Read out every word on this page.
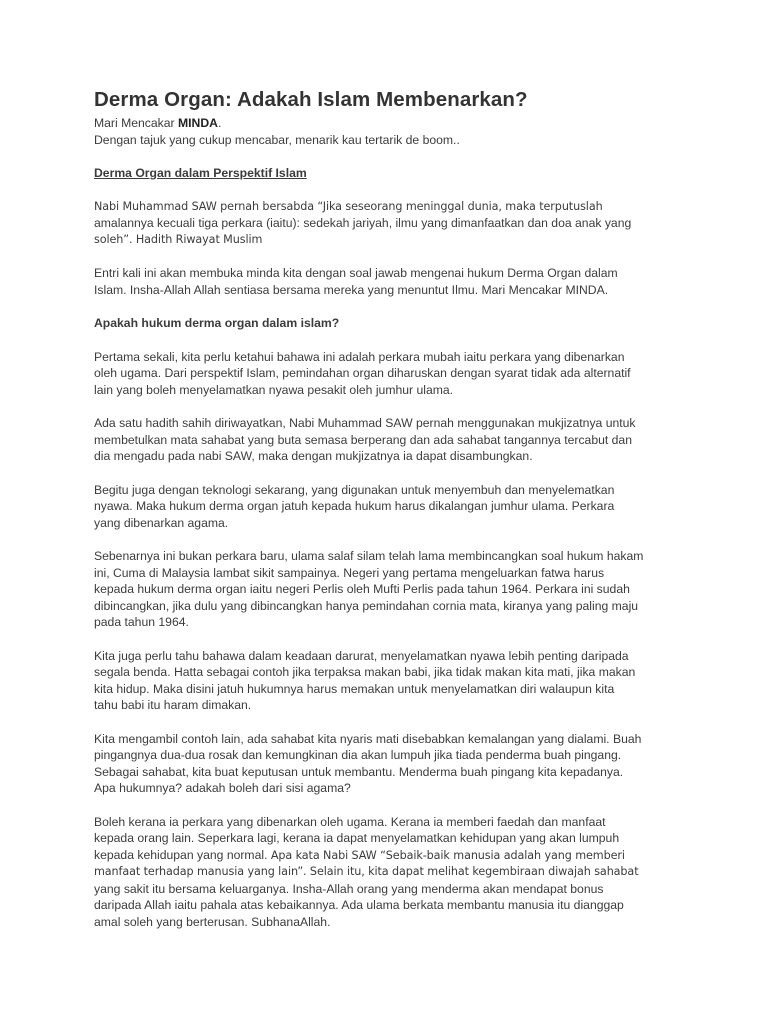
Derma Organ: Adakah Islam Membenarkan?

Mari Mencakar MINDA.

Dengan tajuk yang cukup mencabar, menarik kau tertarik de boom..

Derma Organ dalam Perspektif Islam

Nabi Muhammad SAW pernah bersabda “Jika seseorang meninggal dunia, maka terputuslah

amalannya kecuali tiga perkara (iaitu): sedekah jariyah, ilmu yang dimanfaatkan dan doa anak yang

soleh”. Hadith Riwayat Muslim

Entri kali ini akan membuka minda kita dengan soal jawab mengenai hukum Derma Organ dalam

Islam. Insha-Allah Allah sentiasa bersama mereka yang menuntut Ilmu. Mari Mencakar MINDA.

Apakah hukum derma organ dalam islam?

Pertama sekali, kita perlu ketahui bahawa ini adalah perkara mubah iaitu perkara yang dibenarkan

oleh ugama. Dari perspektif Islam, pemindahan organ diharuskan dengan syarat tidak ada alternatif

lain yang boleh menyelamatkan nyawa pesakit oleh jumhur ulama.

Ada satu hadith sahih diriwayatkan, Nabi Muhammad SAW pernah menggunakan mukjizatnya untuk

membetulkan mata sahabat yang buta semasa berperang dan ada sahabat tangannya tercabut dan

dia mengadu pada nabi SAW, maka dengan mukjizatnya ia dapat disambungkan.

Begitu juga dengan teknologi sekarang, yang digunakan untuk menyembuh dan menyelematkan

nyawa. Maka hukum derma organ jatuh kepada hukum harus dikalangan jumhur ulama. Perkara

yang dibenarkan agama.

Sebenarnya ini bukan perkara baru, ulama salaf silam telah lama membincangkan soal hukum hakam

ini, Cuma di Malaysia lambat sikit sampainya. Negeri yang pertama mengeluarkan fatwa harus

kepada hukum derma organ iaitu negeri Perlis oleh Mufti Perlis pada tahun 1964. Perkara ini sudah

dibincangkan, jika dulu yang dibincangkan hanya pemindahan cornia mata, kiranya yang paling maju

pada tahun 1964.

Kita juga perlu tahu bahawa dalam keadaan darurat, menyelamatkan nyawa lebih penting daripada

segala benda. Hatta sebagai contoh jika terpaksa makan babi, jika tidak makan kita mati, jika makan

kita hidup. Maka disini jatuh hukumnya harus memakan untuk menyelamatkan diri walaupun kita

tahu babi itu haram dimakan.

Kita mengambil contoh lain, ada sahabat kita nyaris mati disebabkan kemalangan yang dialami. Buah

pingangnya dua-dua rosak dan kemungkinan dia akan lumpuh jika tiada penderma buah pingang.

Sebagai sahabat, kita buat keputusan untuk membantu. Menderma buah pingang kita kepadanya.

Apa hukumnya? adakah boleh dari sisi agama?

Boleh kerana ia perkara yang dibenarkan oleh ugama. Kerana ia memberi faedah dan manfaat

kepada orang lain. Seperkara lagi, kerana ia dapat menyelamatkan kehidupan yang akan lumpuh

kepada kehidupan yang normal. Apa kata Nabi SAW “Sebaik-baik manusia adalah yang memberi

manfaat terhadap manusia yang lain”. Selain itu, kita dapat melihat kegembiraan diwajah sahabat

yang sakit itu bersama keluarganya. Insha-Allah orang yang menderma akan mendapat bonus

daripada Allah iaitu pahala atas kebaikannya. Ada ulama berkata membantu manusia itu dianggap

amal soleh yang berterusan. SubhanaAllah.
